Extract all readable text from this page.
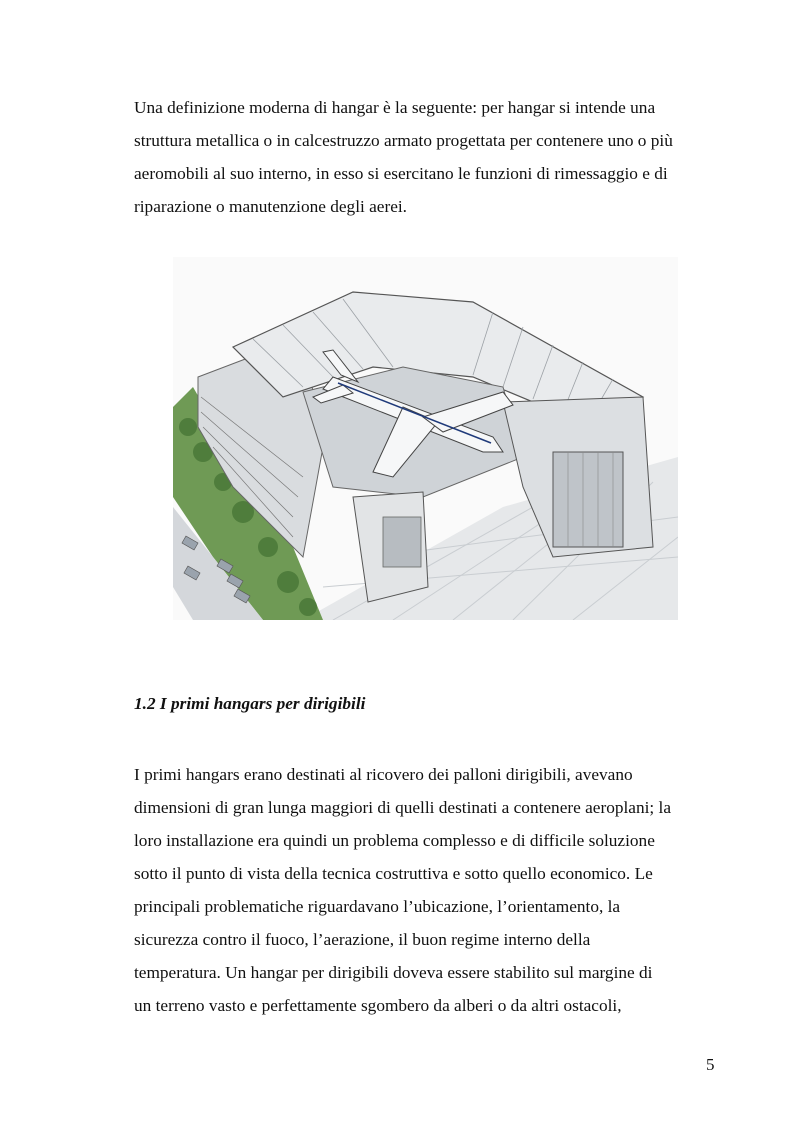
Una definizione moderna di hangar è la seguente: per hangar si intende una
struttura metallica o in calcestruzzo armato progettata per contenere uno o più
aeromobili al suo interno, in esso si esercitano le funzioni di rimessaggio e di
riparazione o manutenzione degli aerei.

1.2 I primi hangars per dirigibili

I primi hangars erano destinati al ricovero dei palloni dirigibili, avevano
dimensioni di gran lunga maggiori di quelli destinati a contenere aeroplani; la
loro installazione era quindi un problema complesso e di difficile soluzione
sotto il punto di vista della tecnica costruttiva e sotto quello economico. Le
principali problematiche riguardavano l’ubicazione, l’orientamento, la
sicurezza contro il fuoco, l’aerazione, il buon regime interno della
temperatura. Un hangar per dirigibili doveva essere stabilito sul margine di
un terreno vasto e perfettamente sgombero da alberi o da altri ostacoli,

5
